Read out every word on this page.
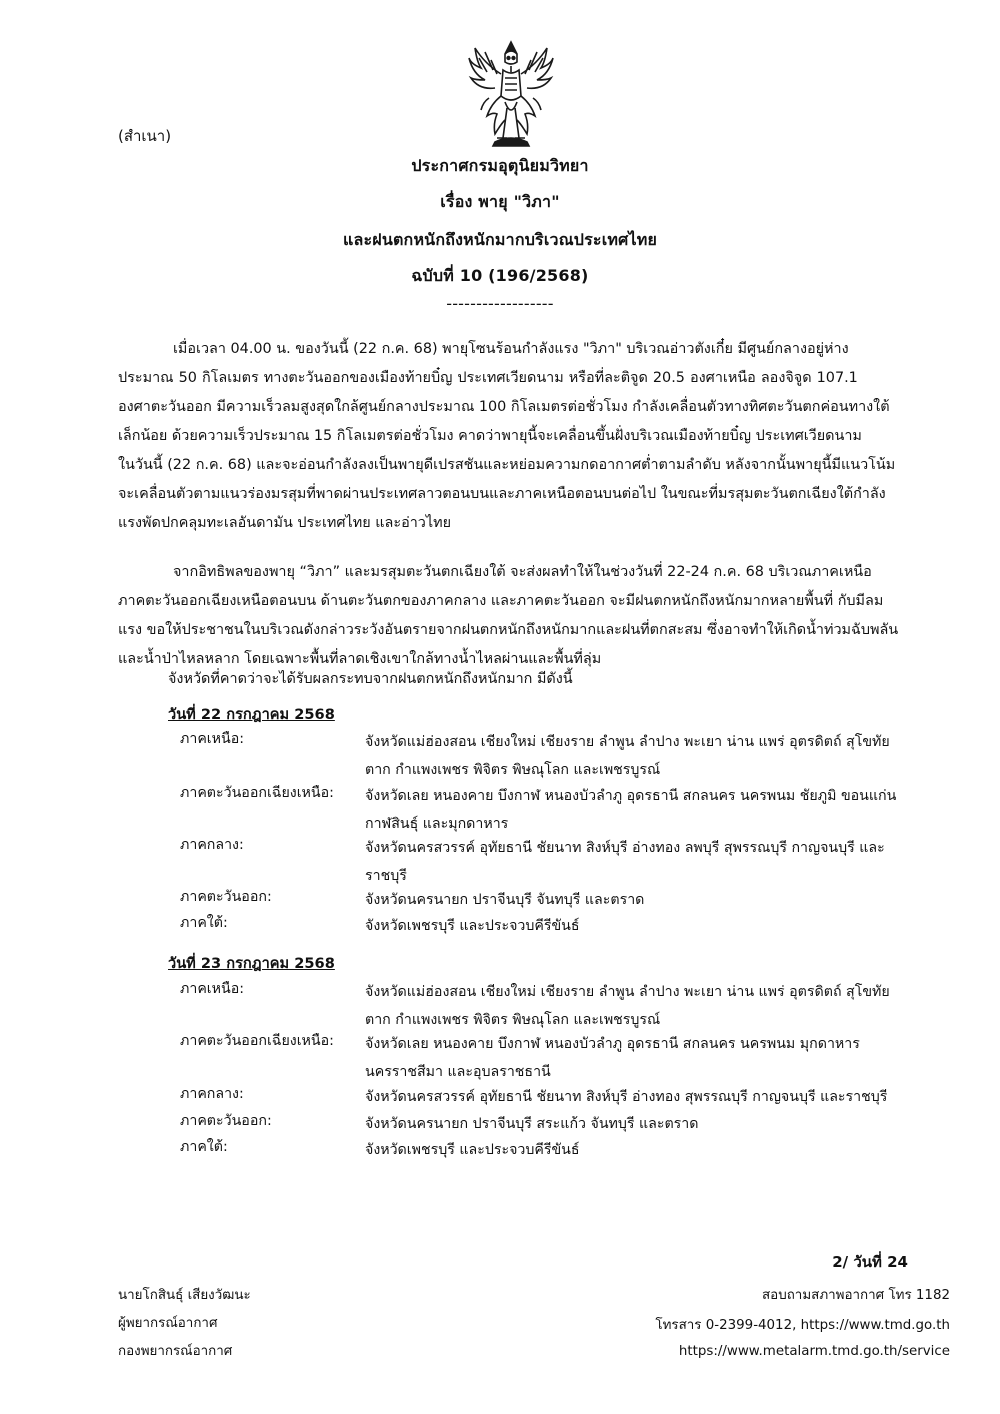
(สำเนา)
ประกาศกรมอุตุนิยมวิทยา
เรื่อง พายุ "วิภา"
และฝนตกหนักถึงหนักมากบริเวณประเทศไทย
ฉบับที่ 10 (196/2568)
------------------
เมื่อเวลา 04.00 น. ของวันนี้ (22 ก.ค. 68) พายุโซนร้อนกำลังแรง "วิภา" บริเวณอ่าวตังเกี๋ย มีศูนย์กลางอยู่ห่าง
ประมาณ 50 กิโลเมตร ทางตะวันออกของเมืองท้ายบิ๋ญ ประเทศเวียดนาม หรือที่ละติจูด 20.5 องศาเหนือ ลองจิจูด 107.1
องศาตะวันออก มีความเร็วลมสูงสุดใกล้ศูนย์กลางประมาณ 100 กิโลเมตรต่อชั่วโมง กำลังเคลื่อนตัวทางทิศตะวันตกค่อนทางใต้
เล็กน้อย ด้วยความเร็วประมาณ 15 กิโลเมตรต่อชั่วโมง คาดว่าพายุนี้จะเคลื่อนขึ้นฝั่งบริเวณเมืองท้ายบิ๋ญ ประเทศเวียดนาม
ในวันนี้ (22 ก.ค. 68) และจะอ่อนกำลังลงเป็นพายุดีเปรสชันและหย่อมความกดอากาศต่ำตามลำดับ หลังจากนั้นพายุนี้มีแนวโน้ม
จะเคลื่อนตัวตามแนวร่องมรสุมที่พาดผ่านประเทศลาวตอนบนและภาคเหนือตอนบนต่อไป ในขณะที่มรสุมตะวันตกเฉียงใต้กำลัง
แรงพัดปกคลุมทะเลอันดามัน ประเทศไทย และอ่าวไทย
จากอิทธิพลของพายุ “วิภา” และมรสุมตะวันตกเฉียงใต้ จะส่งผลทำให้ในช่วงวันที่ 22-24 ก.ค. 68 บริเวณภาคเหนือ
ภาคตะวันออกเฉียงเหนือตอนบน ด้านตะวันตกของภาคกลาง และภาคตะวันออก จะมีฝนตกหนักถึงหนักมากหลายพื้นที่ กับมีลม
แรง ขอให้ประชาชนในบริเวณดังกล่าวระวังอันตรายจากฝนตกหนักถึงหนักมากและฝนที่ตกสะสม ซึ่งอาจทำให้เกิดน้ำท่วมฉับพลัน
และน้ำป่าไหลหลาก โดยเฉพาะพื้นที่ลาดเชิงเขาใกล้ทางน้ำไหลผ่านและพื้นที่ลุ่ม
จังหวัดที่คาดว่าจะได้รับผลกระทบจากฝนตกหนักถึงหนักมาก มีดังนี้
วันที่ 22 กรกฎาคม 2568
ภาคเหนือ:	จังหวัดแม่ฮ่องสอน เชียงใหม่ เชียงราย ลำพูน ลำปาง พะเยา น่าน แพร่ อุตรดิตถ์ สุโขทัย ตาก กำแพงเพชร พิจิตร พิษณุโลก และเพชรบูรณ์
ภาคตะวันออกเฉียงเหนือ:	จังหวัดเลย หนองคาย บึงกาฬ หนองบัวลำภู อุดรธานี สกลนคร นครพนม ชัยภูมิ ขอนแก่น กาฬสินธุ์ และมุกดาหาร
ภาคกลาง:	จังหวัดนครสวรรค์ อุทัยธานี ชัยนาท สิงห์บุรี อ่างทอง ลพบุรี สุพรรณบุรี กาญจนบุรี และราชบุรี
ภาคตะวันออก:	จังหวัดนครนายก ปราจีนบุรี จันทบุรี และตราด
ภาคใต้:	จังหวัดเพชรบุรี และประจวบคีรีขันธ์
วันที่ 23 กรกฎาคม 2568
ภาคเหนือ:	จังหวัดแม่ฮ่องสอน เชียงใหม่ เชียงราย ลำพูน ลำปาง พะเยา น่าน แพร่ อุตรดิตถ์ สุโขทัย ตาก กำแพงเพชร พิจิตร พิษณุโลก และเพชรบูรณ์
ภาคตะวันออกเฉียงเหนือ:	จังหวัดเลย หนองคาย บึงกาฬ หนองบัวลำภู อุดรธานี สกลนคร นครพนม มุกดาหาร นครราชสีมา และอุบลราชธานี
ภาคกลาง:	จังหวัดนครสวรรค์ อุทัยธานี ชัยนาท สิงห์บุรี อ่างทอง สุพรรณบุรี กาญจนบุรี และราชบุรี
ภาคตะวันออก:	จังหวัดนครนายก ปราจีนบุรี สระแก้ว จันทบุรี และตราด
ภาคใต้:	จังหวัดเพชรบุรี และประจวบคีรีขันธ์
2/ วันที่ 24
นายโกสินธุ์ เสียงวัฒนะ
ผู้พยากรณ์อากาศ
กองพยากรณ์อากาศ
สอบถามสภาพอากาศ โทร 1182
โทรสาร 0-2399-4012, https://www.tmd.go.th
https://www.metalarm.tmd.go.th/service
